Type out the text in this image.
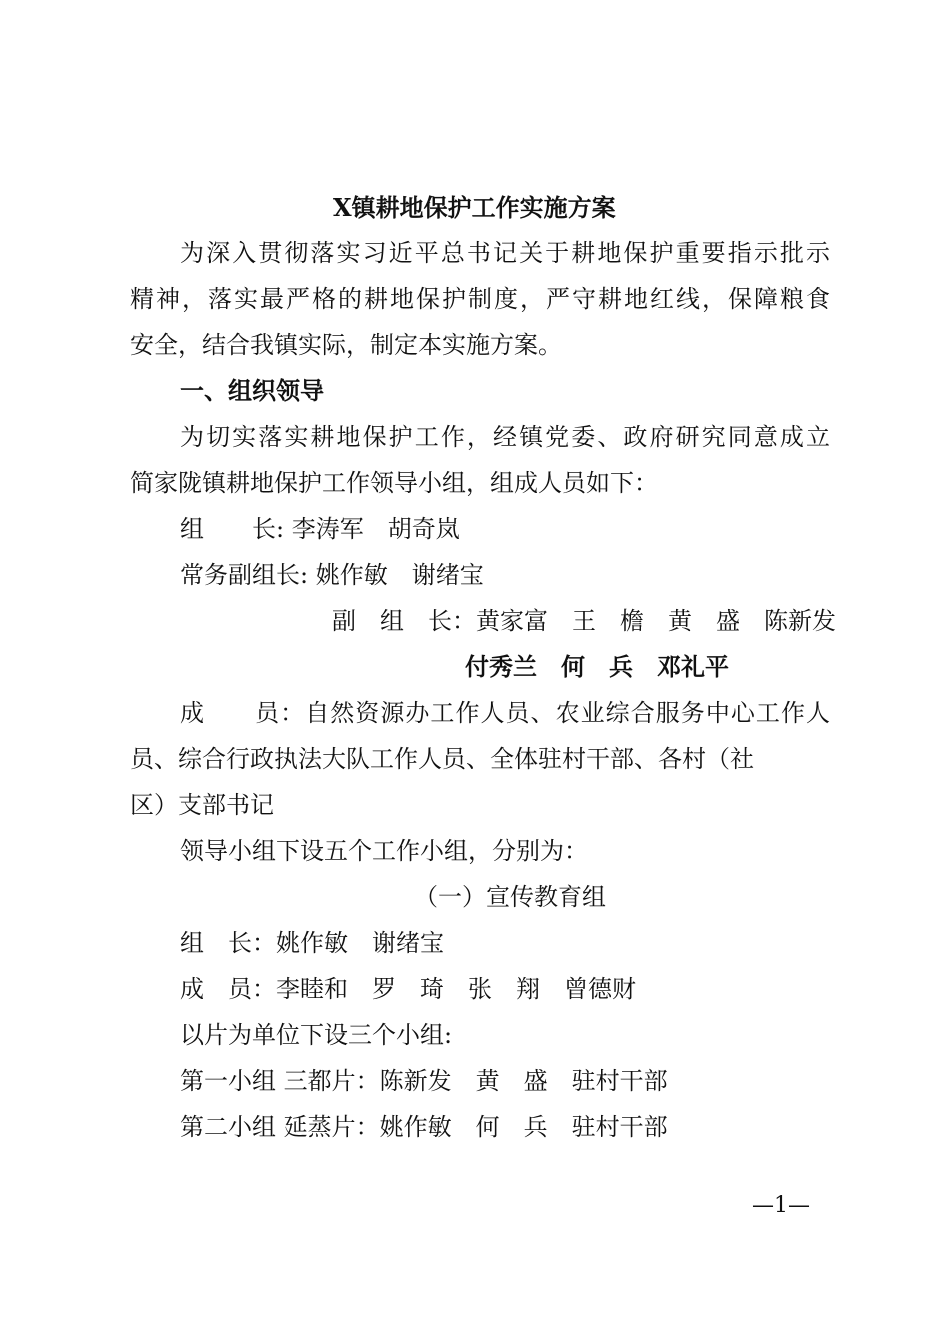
X镇耕地保护工作实施方案
为深入贯彻落实习近平总书记关于耕地保护重要指示批示
精神，落实最严格的耕地保护制度，严守耕地红线，保障粮食
安全，结合我镇实际，制定本实施方案。
一、组织领导
为切实落实耕地保护工作，经镇党委、政府研究同意成立
简家陇镇耕地保护工作领导小组，组成人员如下：
组　　长: 李涛军　胡奇岚
常务副组长: 姚作敏　谢绪宝
副　组　长：黄家富　王　檐　黄　盛　陈新发
付秀兰　何　兵　邓礼平
成　　员：自然资源办工作人员、农业综合服务中心工作人
员、综合行政执法大队工作人员、全体驻村干部、各村（社
区）支部书记
领导小组下设五个工作小组，分别为：
（一）宣传教育组
组　长：姚作敏　谢绪宝
成　员：李睦和　罗　琦　张　翔　曾德财
以片为单位下设三个小组:
第一小组 三都片：陈新发　黄　盛　驻村干部
第二小组 延蒸片：姚作敏　何　兵　驻村干部
—1—
